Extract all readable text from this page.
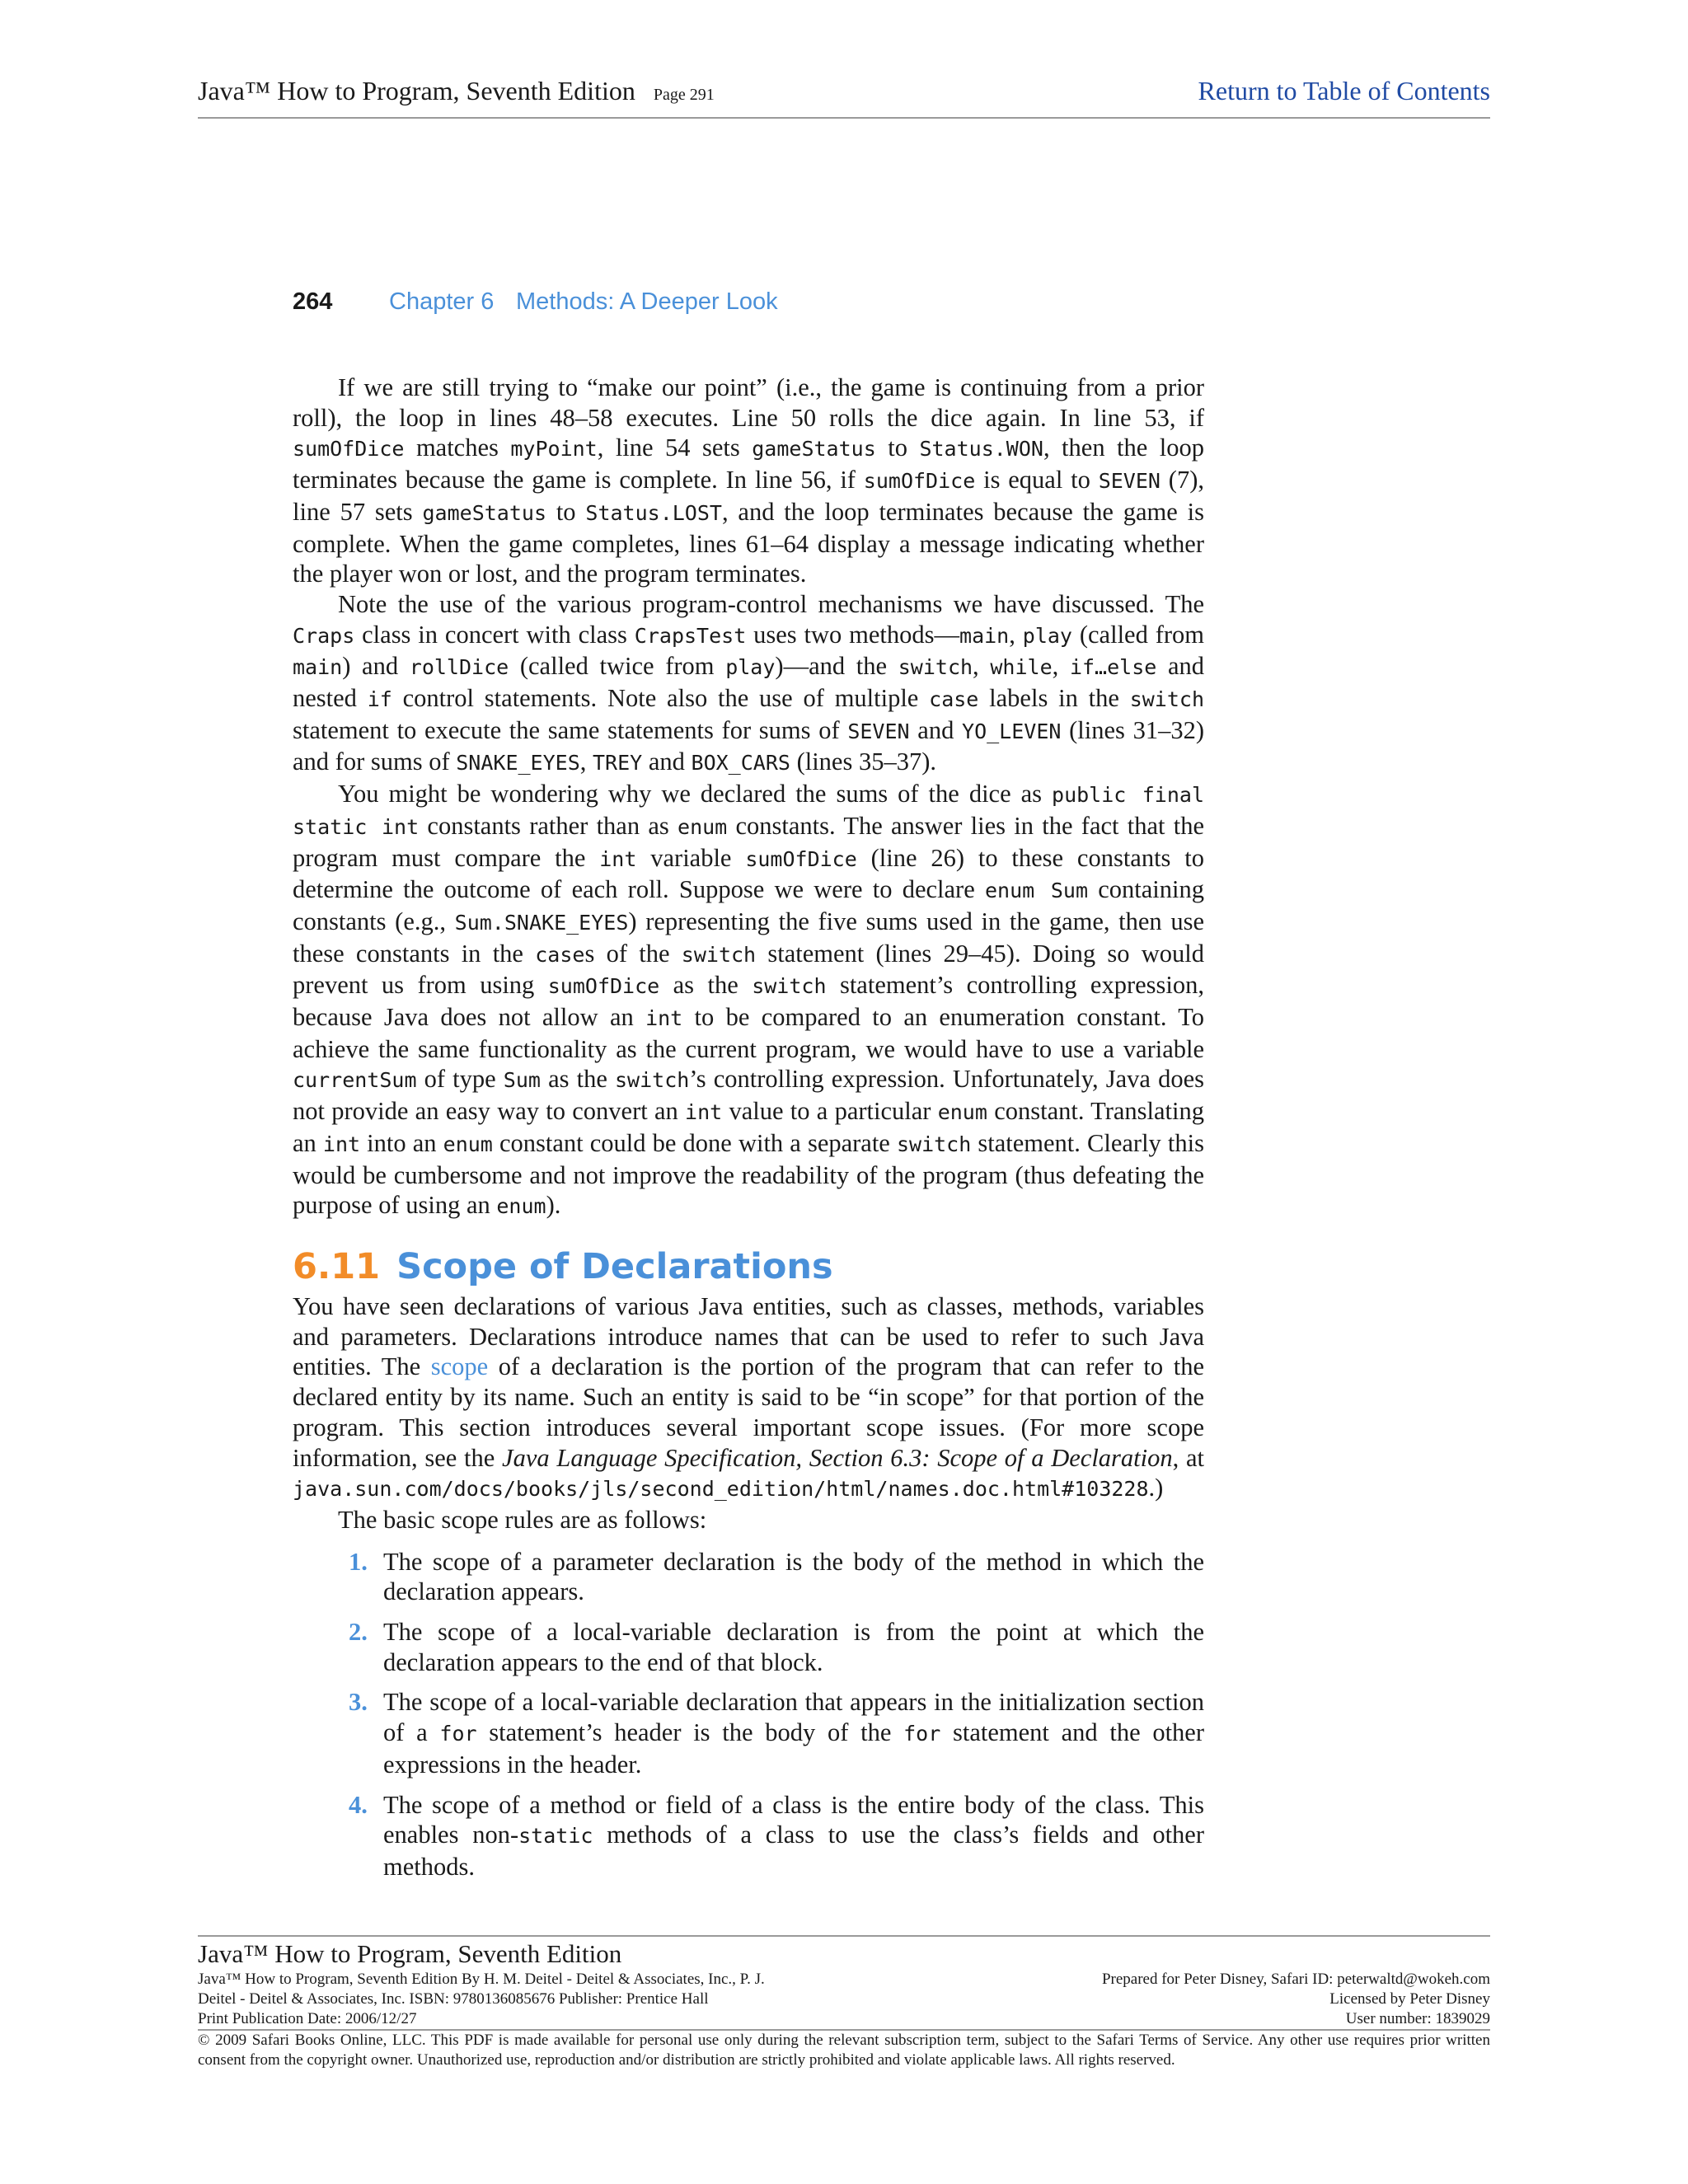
Java™ How to Program, Seventh Edition Page 291	Return to Table of Contents
264 Chapter 6 Methods: A Deeper Look

If we are still trying to “make our point” (i.e., the game is continuing from a prior roll), the loop in lines 48–58 executes. Line 50 rolls the dice again. In line 53, if sumOfDice matches myPoint, line 54 sets gameStatus to Status.WON, then the loop terminates because the game is complete. In line 56, if sumOfDice is equal to SEVEN (7), line 57 sets gameStatus to Status.LOST, and the loop terminates because the game is complete. When the game completes, lines 61–64 display a message indicating whether the player won or lost, and the program terminates.

Note the use of the various program-control mechanisms we have discussed. The Craps class in concert with class CrapsTest uses two methods—main, play (called from main) and rollDice (called twice from play)—and the switch, while, if…else and nested if control statements. Note also the use of multiple case labels in the switch statement to execute the same statements for sums of SEVEN and YO_LEVEN (lines 31–32) and for sums of SNAKE_EYES, TREY and BOX_CARS (lines 35–37).

You might be wondering why we declared the sums of the dice as public final static int constants rather than as enum constants. The answer lies in the fact that the program must compare the int variable sumOfDice (line 26) to these constants to determine the outcome of each roll. Suppose we were to declare enum Sum containing constants (e.g., Sum.SNAKE_EYES) representing the five sums used in the game, then use these constants in the cases of the switch statement (lines 29–45). Doing so would prevent us from using sumOfDice as the switch statement’s controlling expression, because Java does not allow an int to be compared to an enumeration constant. To achieve the same functionality as the current program, we would have to use a variable currentSum of type Sum as the switch’s controlling expression. Unfortunately, Java does not provide an easy way to convert an int value to a particular enum constant. Translating an int into an enum constant could be done with a separate switch statement. Clearly this would be cumbersome and not improve the readability of the program (thus defeating the purpose of using an enum).

6.11 Scope of Declarations

You have seen declarations of various Java entities, such as classes, methods, variables and parameters. Declarations introduce names that can be used to refer to such Java entities. The scope of a declaration is the portion of the program that can refer to the declared entity by its name. Such an entity is said to be “in scope” for that portion of the program. This section introduces several important scope issues. (For more scope information, see the Java Language Specification, Section 6.3: Scope of a Declaration, at java.sun.com/docs/books/jls/second_edition/html/names.doc.html#103228.)

The basic scope rules are as follows:

1. The scope of a parameter declaration is the body of the method in which the declaration appears.
2. The scope of a local-variable declaration is from the point at which the declaration appears to the end of that block.
3. The scope of a local-variable declaration that appears in the initialization section of a for statement’s header is the body of the for statement and the other expressions in the header.
4. The scope of a method or field of a class is the entire body of the class. This enables non-static methods of a class to use the class’s fields and other methods.
Java™ How to Program, Seventh Edition
Java™ How to Program, Seventh Edition By H. M. Deitel - Deitel & Associates, Inc., P. J.	Prepared for Peter Disney, Safari ID: peterwaltd@wokeh.com
Deitel - Deitel & Associates, Inc. ISBN: 9780136085676 Publisher: Prentice Hall	Licensed by Peter Disney
Print Publication Date: 2006/12/27	User number: 1839029
© 2009 Safari Books Online, LLC. This PDF is made available for personal use only during the relevant subscription term, subject to the Safari Terms of Service. Any other use requires prior written consent from the copyright owner. Unauthorized use, reproduction and/or distribution are strictly prohibited and violate applicable laws. All rights reserved.
